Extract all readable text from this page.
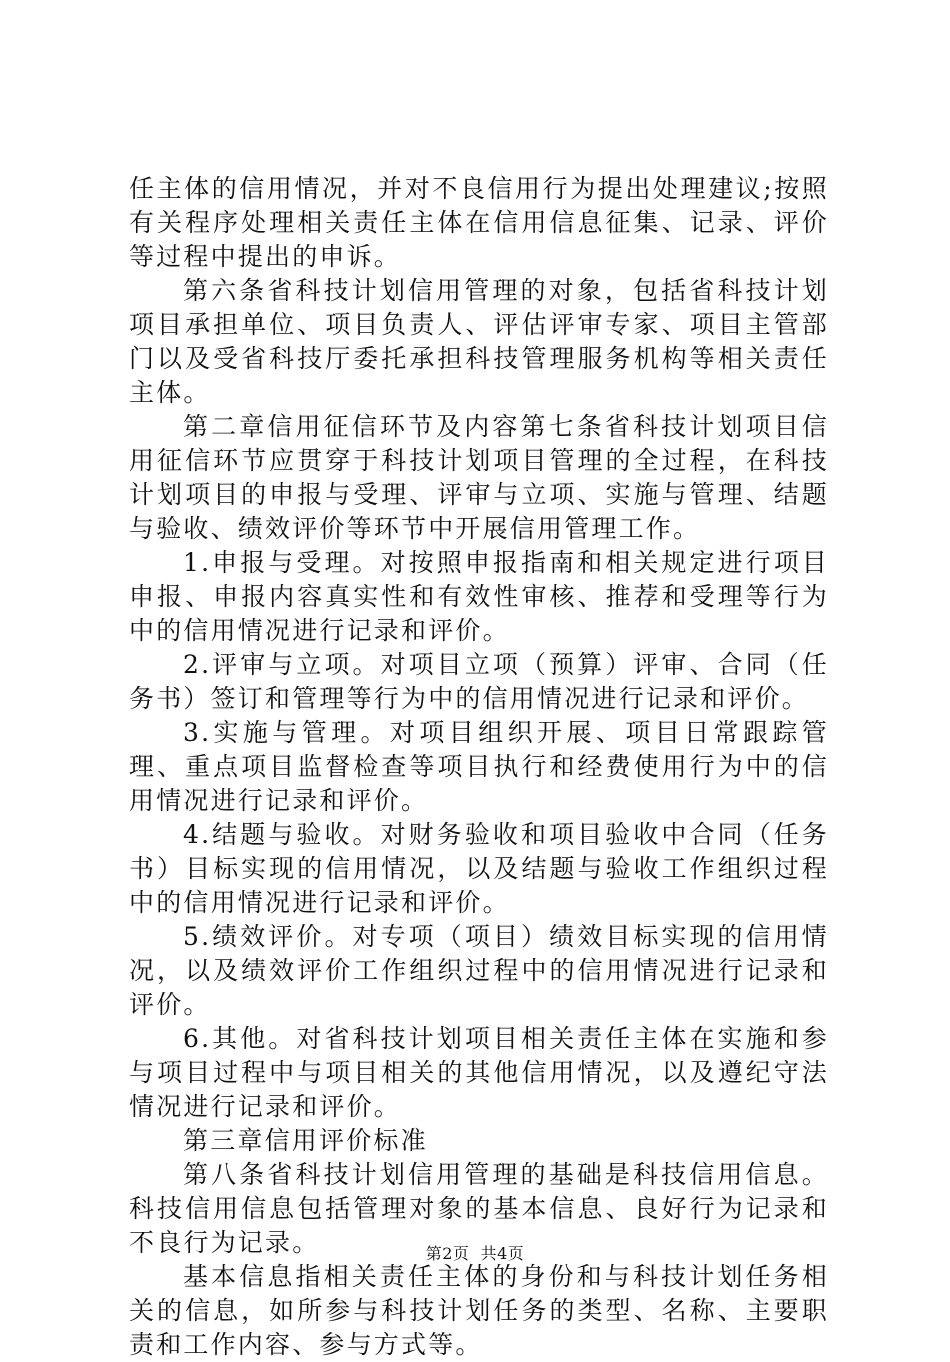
任主体的信用情况，并对不良信用行为提出处理建议;按照有关程序处理相关责任主体在信用信息征集、记录、评价等过程中提出的申诉。

第六条省科技计划信用管理的对象，包括省科技计划项目承担单位、项目负责人、评估评审专家、项目主管部门以及受省科技厅委托承担科技管理服务机构等相关责任主体。

第二章信用征信环节及内容第七条省科技计划项目信用征信环节应贯穿于科技计划项目管理的全过程，在科技计划项目的申报与受理、评审与立项、实施与管理、结题与验收、绩效评价等环节中开展信用管理工作。

1.申报与受理。对按照申报指南和相关规定进行项目申报、申报内容真实性和有效性审核、推荐和受理等行为中的信用情况进行记录和评价。

2.评审与立项。对项目立项（预算）评审、合同（任务书）签订和管理等行为中的信用情况进行记录和评价。

3.实施与管理。对项目组织开展、项目日常跟踪管理、重点项目监督检查等项目执行和经费使用行为中的信用情况进行记录和评价。

4.结题与验收。对财务验收和项目验收中合同（任务书）目标实现的信用情况，以及结题与验收工作组织过程中的信用情况进行记录和评价。

5.绩效评价。对专项（项目）绩效目标实现的信用情况，以及绩效评价工作组织过程中的信用情况进行记录和评价。

6.其他。对省科技计划项目相关责任主体在实施和参与项目过程中与项目相关的其他信用情况，以及遵纪守法情况进行记录和评价。

第三章信用评价标准

第八条省科技计划信用管理的基础是科技信用信息。科技信用信息包括管理对象的基本信息、良好行为记录和不良行为记录。

基本信息指相关责任主体的身份和与科技计划任务相关的信息，如所参与科技计划任务的类型、名称、主要职责和工作内容、参与方式等。

第2页 共4页
